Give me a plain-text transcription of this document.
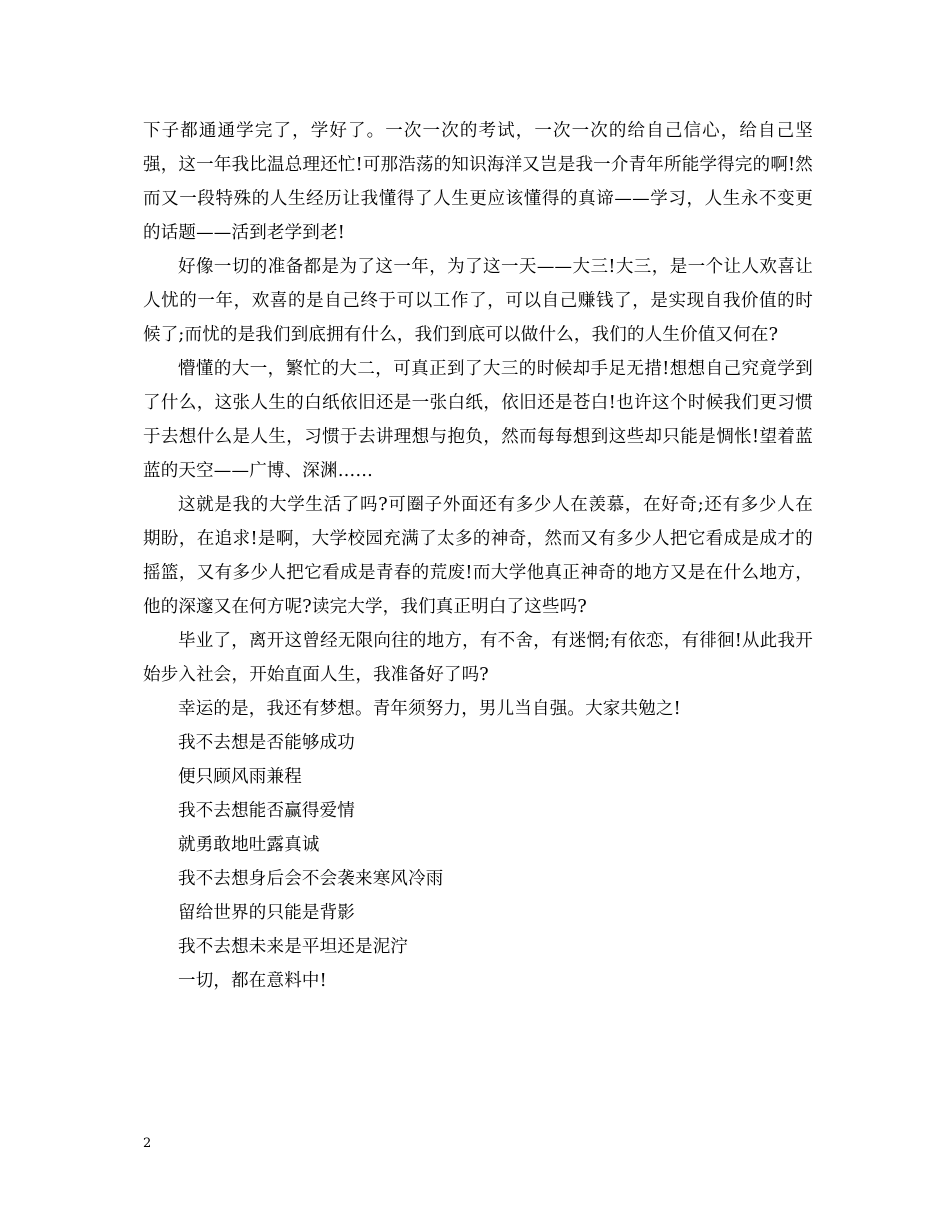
下子都通通学完了，学好了。一次一次的考试，一次一次的给自己信心，给自己坚强，这一年我比温总理还忙!可那浩荡的知识海洋又岂是我一介青年所能学得完的啊!然而又一段特殊的人生经历让我懂得了人生更应该懂得的真谛——学习，人生永不变更的话题——活到老学到老!

好像一切的准备都是为了这一年，为了这一天——大三!大三，是一个让人欢喜让人忧的一年，欢喜的是自己终于可以工作了，可以自己赚钱了，是实现自我价值的时候了;而忧的是我们到底拥有什么，我们到底可以做什么，我们的人生价值又何在?

懵懂的大一，繁忙的大二，可真正到了大三的时候却手足无措!想想自己究竟学到了什么，这张人生的白纸依旧还是一张白纸，依旧还是苍白!也许这个时候我们更习惯于去想什么是人生，习惯于去讲理想与抱负，然而每每想到这些却只能是惆怅!望着蓝蓝的天空——广博、深渊……

这就是我的大学生活了吗?可圈子外面还有多少人在羡慕，在好奇;还有多少人在期盼，在追求!是啊，大学校园充满了太多的神奇，然而又有多少人把它看成是成才的摇篮，又有多少人把它看成是青春的荒废!而大学他真正神奇的地方又是在什么地方，他的深邃又在何方呢?读完大学，我们真正明白了这些吗?

毕业了，离开这曾经无限向往的地方，有不舍，有迷惘;有依恋，有徘徊!从此我开始步入社会，开始直面人生，我准备好了吗?

幸运的是，我还有梦想。青年须努力，男儿当自强。大家共勉之!

我不去想是否能够成功

便只顾风雨兼程

我不去想能否赢得爱情

就勇敢地吐露真诚

我不去想身后会不会袭来寒风冷雨

留给世界的只能是背影

我不去想未来是平坦还是泥泞

一切，都在意料中!

2
